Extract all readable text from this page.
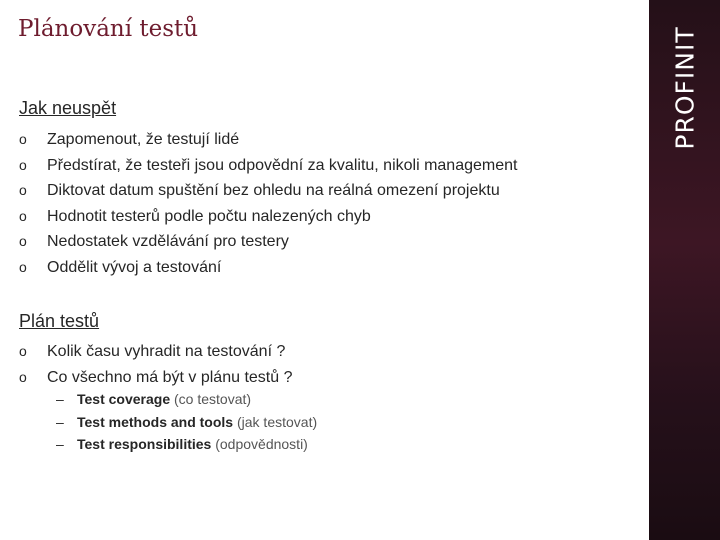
Plánování testů	PROFINIT
Jak neuspět
o Zapomenout, že testují lidé
o Předstírat, že testeři jsou odpovědní za kvalitu, nikoli management
o Diktovat datum spuštění bez ohledu na reálná omezení projektu
o Hodnotit testerů podle počtu nalezených chyb
o Nedostatek vzdělávání pro testery
o Oddělit vývoj a testování
Plán testů
o Kolik času vyhradit na testování ?
o Co všechno má být v plánu testů ?
– Test coverage (co testovat)
– Test methods and tools (jak testovat)
– Test responsibilities (odpovědnosti)
